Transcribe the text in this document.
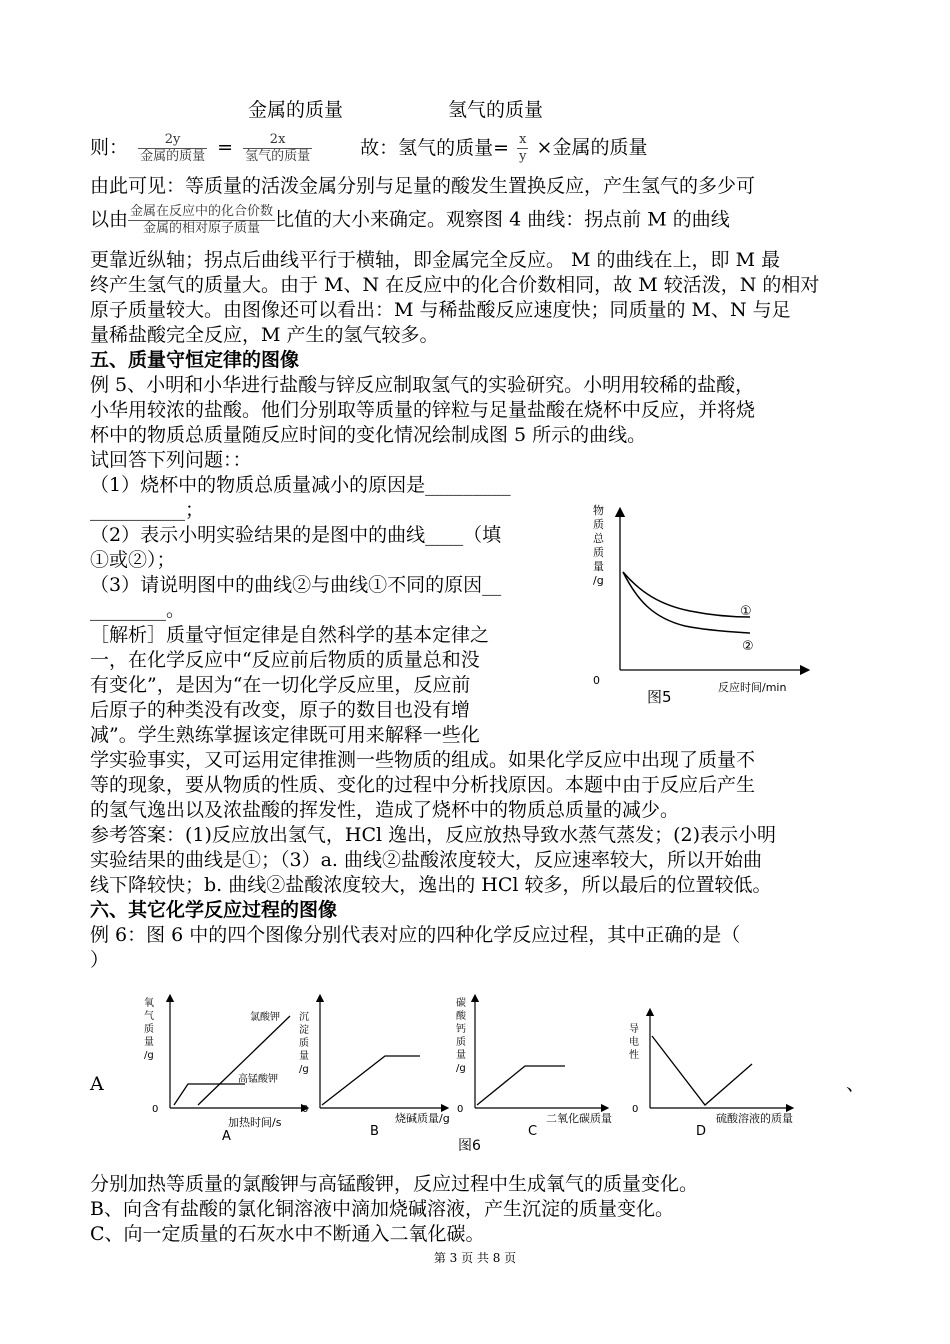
金属的质量	氢气的质量
则： $\frac{2y}{\text{金属的质量}} = \frac{2x}{\text{氢气的质量}}$	故：氢气的质量= $\frac{x}{y}$ ×金属的质量
由此可见：等质量的活泼金属分别与足量的酸发生置换反应，产生氢气的多少可
以由 $\frac{\text{金属在反应中的化合价数}}{\text{金属的相对原子质量}}$ 比值的大小来确定。观察图 4 曲线：拐点前 M 的曲线
更靠近纵轴；拐点后曲线平行于横轴，即金属完全反应。 M 的曲线在上，即 M 最
终产生氢气的质量大。由于 M、N 在反应中的化合价数相同，故 M 较活泼，N 的相对
原子质量较大。由图像还可以看出：M 与稀盐酸反应速度快；同质量的 M、N 与足
量稀盐酸完全反应，M 产生的氢气较多。
五、质量守恒定律的图像
例 5、小明和小华进行盐酸与锌反应制取氢气的实验研究。小明用较稀的盐酸，
小华用较浓的盐酸。他们分别取等质量的锌粒与足量盐酸在烧杯中反应，并将烧
杯中的物质总质量随反应时间的变化情况绘制成图 5 所示的曲线。
试回答下列问题：：
（1）烧杯中的物质总质量减小的原因是_________
__________；
（2）表示小明实验结果的是图中的曲线____（填
①或②）；
（3）请说明图中的曲线②与曲线①不同的原因__
________。
［解析］质量守恒定律是自然科学的基本定律之
一，在化学反应中“反应前后物质的质量总和没
有变化”，是因为“在一切化学反应里，反应前
后原子的种类没有改变，原子的数目也没有增
减”。学生熟练掌握该定律既可用来解释一些化
学实验事实，又可运用定律推测一些物质的组成。如果化学反应中出现了质量不
等的现象，要从物质的性质、变化的过程中分析找原因。本题中由于反应后产生
的氢气逸出以及浓盐酸的挥发性，造成了烧杯中的物质总质量的减少。
参考答案：(1)反应放出氢气，HCl 逸出，反应放热导致水蒸气蒸发；(2)表示小明
实验结果的曲线是①；（3）a. 曲线②盐酸浓度较大，反应速率较大，所以开始曲
线下降较快；b. 曲线②盐酸浓度较大，逸出的 HCl 较多，所以最后的位置较低。
物 质 总 质 量 /g
①
②
0
图5
反应时间/min
六、其它化学反应过程的图像
例 6：图 6 中的四个图像分别代表对应的四种化学反应过程，其中正确的是（
）
A	、
氧气质量/g
氯酸钾
高锰酸钾
0
加热时间/s
A
沉淀质量/g
0
烧碱质量/g
B
碳酸钙质量/g
0
二氧化碳质量
C
导电性
0
硫酸溶液的质量
D
图6
分别加热等质量的氯酸钾与高锰酸钾，反应过程中生成氧气的质量变化。
B、向含有盐酸的氯化铜溶液中滴加烧碱溶液，产生沉淀的质量变化。
C、向一定质量的石灰水中不断通入二氧化碳。
第 3 页 共 8 页
